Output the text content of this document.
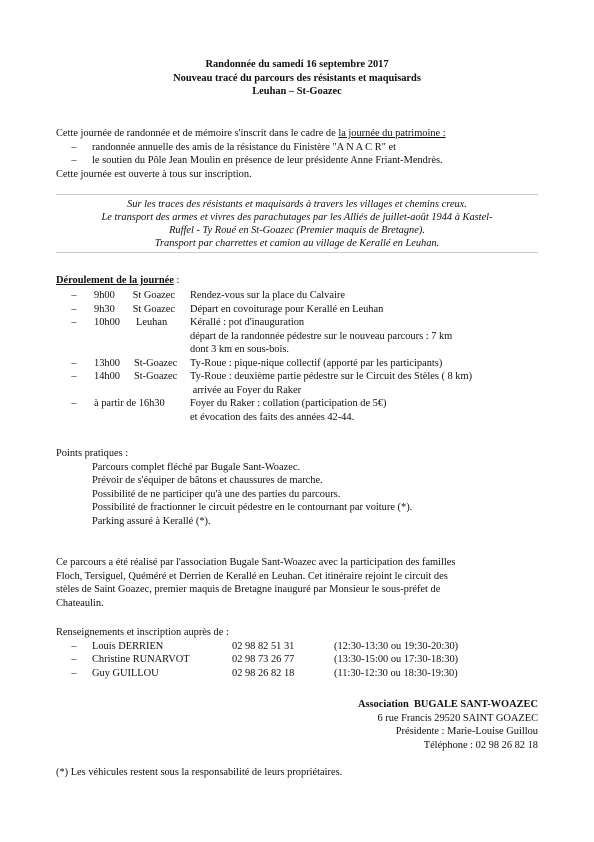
Randonnée du samedi 16 septembre 2017
Nouveau tracé du parcours des résistants et maquisards
Leuhan – St-Goazec
Cette journée de randonnée et de mémoire s'inscrit dans le cadre de la journée du patrimoine :
–	randonnée annuelle des amis de la résistance du Finistère "A N A C R" et
–	le soutien du Pôle Jean Moulin en présence de leur présidente Anne Friant-Mendrès.
Cette journée est ouverte à tous sur inscription.
Sur les traces des résistants et maquisards à travers les villages et chemins creux.
Le transport des armes et vivres des parachutages par les Alliés de juillet-août 1944 à Kastel-
Ruffel - Ty Roué en St-Goazec (Premier maquis de Bretagne).
Transport par charrettes et camion au village de Kerallé en Leuhan.
Déroulement de la journée :
–	9h00 St Goazec	Rendez-vous sur la place du Calvaire
–	9h30 St Goazec	Départ en covoiturage pour Kerallé en Leuhan
–	10h00 Leuhan	Kérallé : pot d'inauguration
départ de la randonnée pédestre sur le nouveau parcours : 7 km
dont 3 km en sous-bois.
–	13h00 St-Goazec	Ty-Roue : pique-nique collectif (apporté par les participants)
–	14h00 St-Goazec	Ty-Roue : deuxième partie pédestre sur le Circuit des Stèles ( 8 km)
arrivée au Foyer du Raker
–	à partir de 16h30	Foyer du Raker : collation (participation de 5€)
et évocation des faits des années 42-44.
Points pratiques :
Parcours complet fléché par Bugale Sant-Woazec.
Prévoir de s'équiper de bâtons et chaussures de marche.
Possibilité de ne participer qu'à une des parties du parcours.
Possibilité de fractionner le circuit pédestre en le contournant par voiture (*).
Parking assuré à Kerallé (*).
Ce parcours a été réalisé par l'association Bugale Sant-Woazec avec la participation des familles
Floch, Tersiguel, Quéméré et Derrien de Kerallé en Leuhan. Cet itinéraire rejoint le circuit des
stèles de Saint Goazec, premier maquis de Bretagne inauguré par Monsieur le sous-préfet de
Chateaulin.
Renseignements et inscription auprès de :
–	Louis DERRIEN	02 98 82 51 31	(12:30-13:30 ou 19:30-20:30)
–	Christine RUNARVOT	02 98 73 26 77	(13:30-15:00 ou 17:30-18:30)
–	Guy GUILLOU	02 98 26 82 18	(11:30-12:30 ou 18:30-19:30)
Association  BUGALE SANT-WOAZEC
6 rue Francis 29520 SAINT GOAZEC
Présidente : Marie-Louise Guillou
Téléphone : 02 98 26 82 18
(*) Les véhicules restent sous la responsabilité de leurs propriétaires.
